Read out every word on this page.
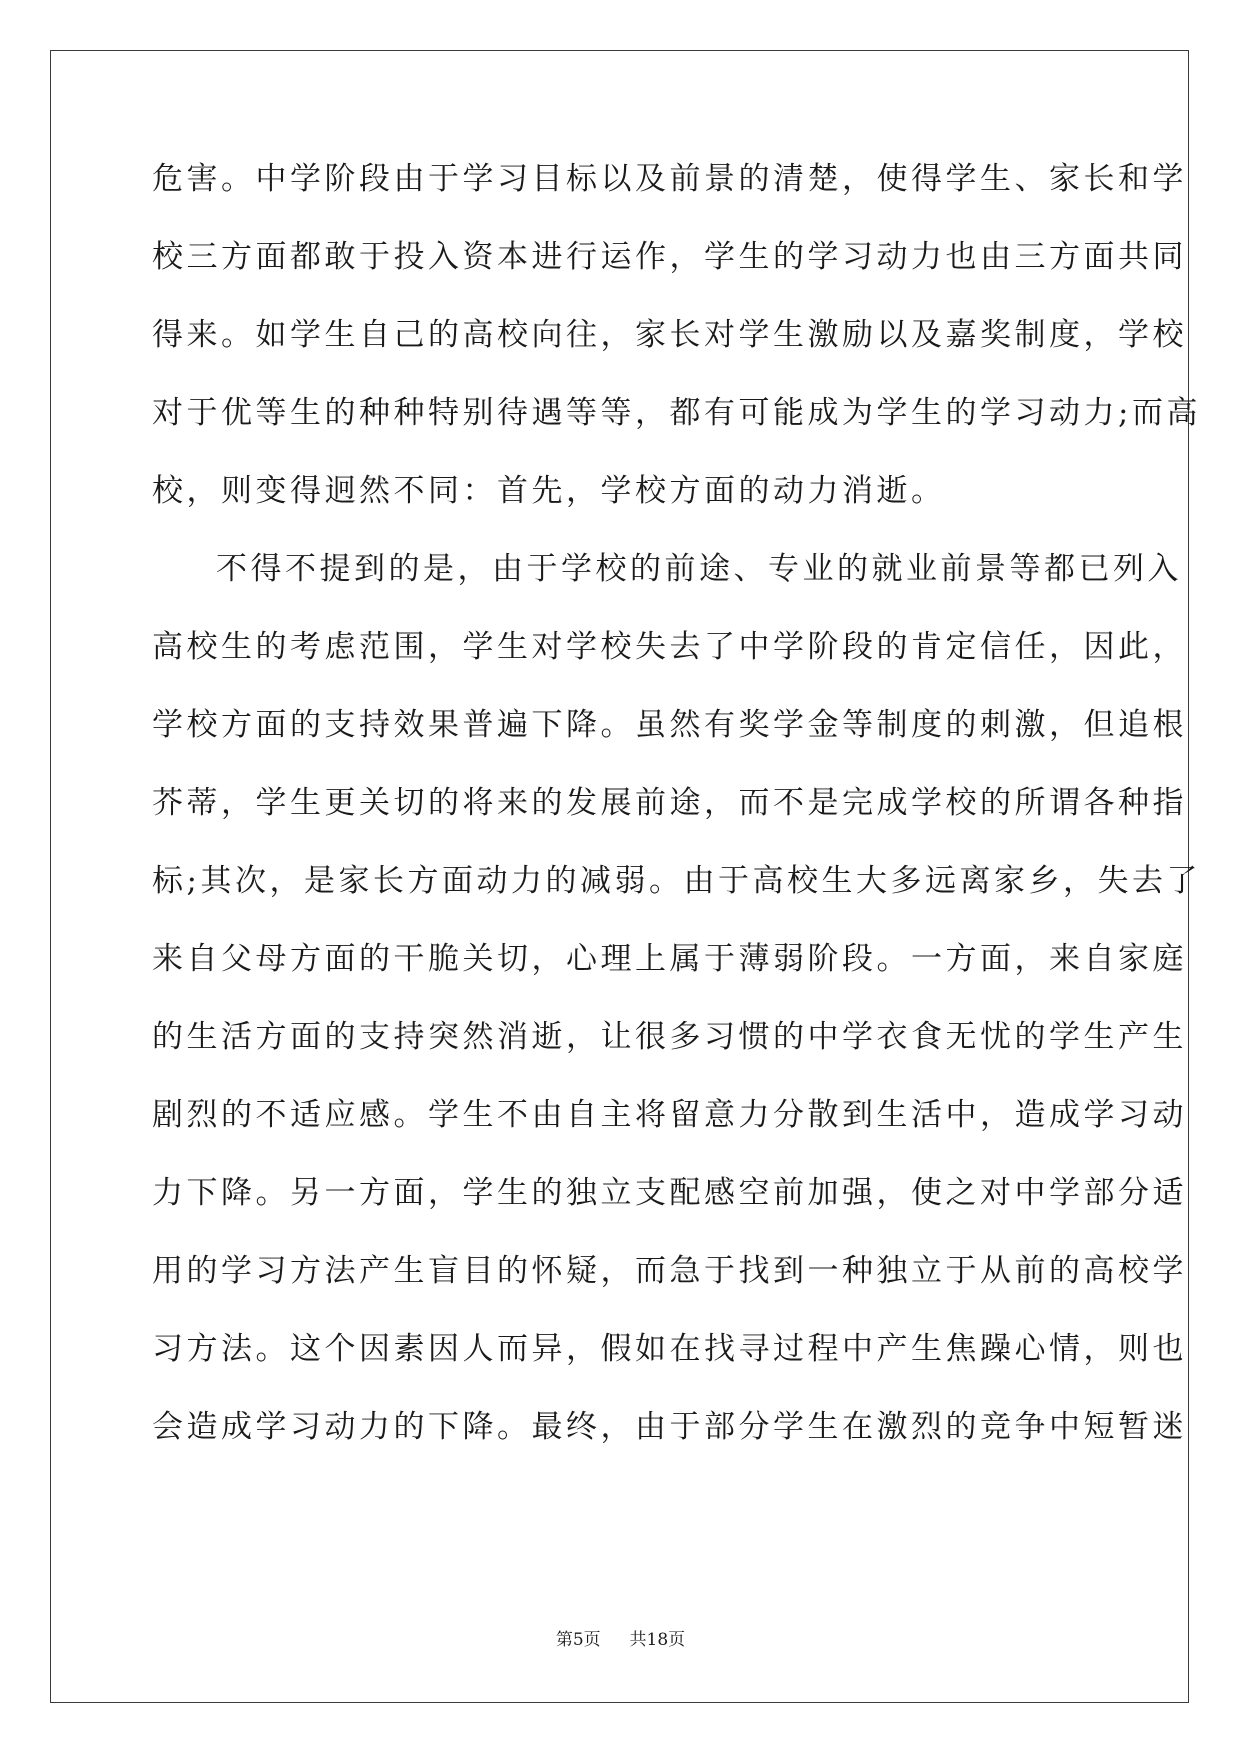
危害。中学阶段由于学习目标以及前景的清楚，使得学生、家长和学
校三方面都敢于投入资本进行运作，学生的学习动力也由三方面共同
得来。如学生自己的高校向往，家长对学生激励以及嘉奖制度，学校
对于优等生的种种特别待遇等等，都有可能成为学生的学习动力;而高
校，则变得迥然不同：首先，学校方面的动力消逝。
不得不提到的是，由于学校的前途、专业的就业前景等都已列入
高校生的考虑范围，学生对学校失去了中学阶段的肯定信任，因此，
学校方面的支持效果普遍下降。虽然有奖学金等制度的刺激，但追根
芥蒂，学生更关切的将来的发展前途，而不是完成学校的所谓各种指
标;其次，是家长方面动力的减弱。由于高校生大多远离家乡，失去了
来自父母方面的干脆关切，心理上属于薄弱阶段。一方面，来自家庭
的生活方面的支持突然消逝，让很多习惯的中学衣食无忧的学生产生
剧烈的不适应感。学生不由自主将留意力分散到生活中，造成学习动
力下降。另一方面，学生的独立支配感空前加强，使之对中学部分适
用的学习方法产生盲目的怀疑，而急于找到一种独立于从前的高校学
习方法。这个因素因人而异，假如在找寻过程中产生焦躁心情，则也
会造成学习动力的下降。最终，由于部分学生在激烈的竞争中短暂迷
第5页 共18页
